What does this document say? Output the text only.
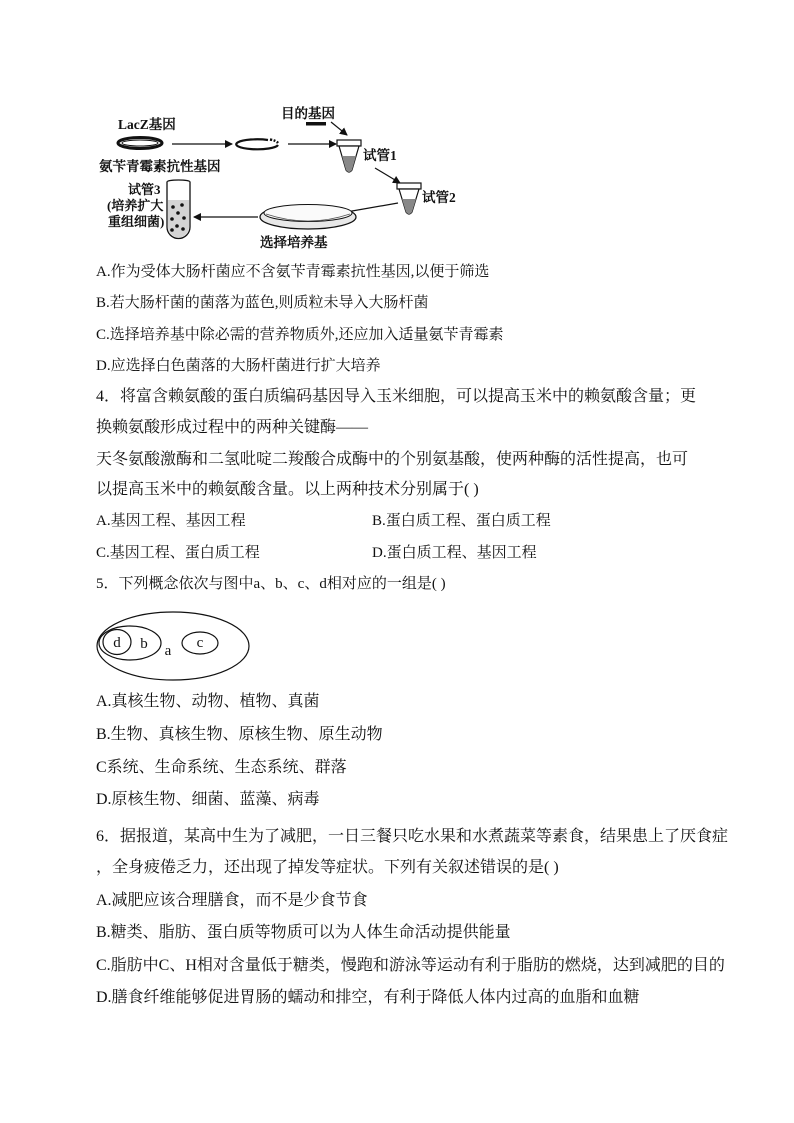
LacZ基因
氨苄青霉素抗性基因
目的基因
试管1
试管2
选择培养基
试管3
(培养扩大
重组细菌)
A.作为受体大肠杆菌应不含氨苄青霉素抗性基因,以便于筛选
B.若大肠杆菌的菌落为蓝色,则质粒未导入大肠杆菌
C.选择培养基中除必需的营养物质外,还应加入适量氨苄青霉素
D.应选择白色菌落的大肠杆菌进行扩大培养
4．将富含赖氨酸的蛋白质编码基因导入玉米细胞，可以提高玉米中的赖氨酸含量；更
换赖氨酸形成过程中的两种关键酶——
天冬氨酸激酶和二氢吡啶二羧酸合成酶中的个别氨基酸，使两种酶的活性提高，也可
以提高玉米中的赖氨酸含量。以上两种技术分别属于( )
A.基因工程、基因工程	B.蛋白质工程、蛋白质工程
C.基因工程、蛋白质工程	D.蛋白质工程、基因工程
5．下列概念依次与图中a、b、c、d相对应的一组是( )
d b a c
A.真核生物、动物、植物、真菌
B.生物、真核生物、原核生物、原生动物
C系统、生命系统、生态系统、群落
D.原核生物、细菌、蓝藻、病毒
6．据报道，某高中生为了减肥，一日三餐只吃水果和水煮蔬菜等素食，结果患上了厌食症
，全身疲倦乏力，还出现了掉发等症状。下列有关叙述错误的是( )
A.减肥应该合理膳食，而不是少食节食
B.糖类、脂肪、蛋白质等物质可以为人体生命活动提供能量
C.脂肪中C、H相对含量低于糖类，慢跑和游泳等运动有利于脂肪的燃烧，达到减肥的目的
D.膳食纤维能够促进胃肠的蠕动和排空，有利于降低人体内过高的血脂和血糖
